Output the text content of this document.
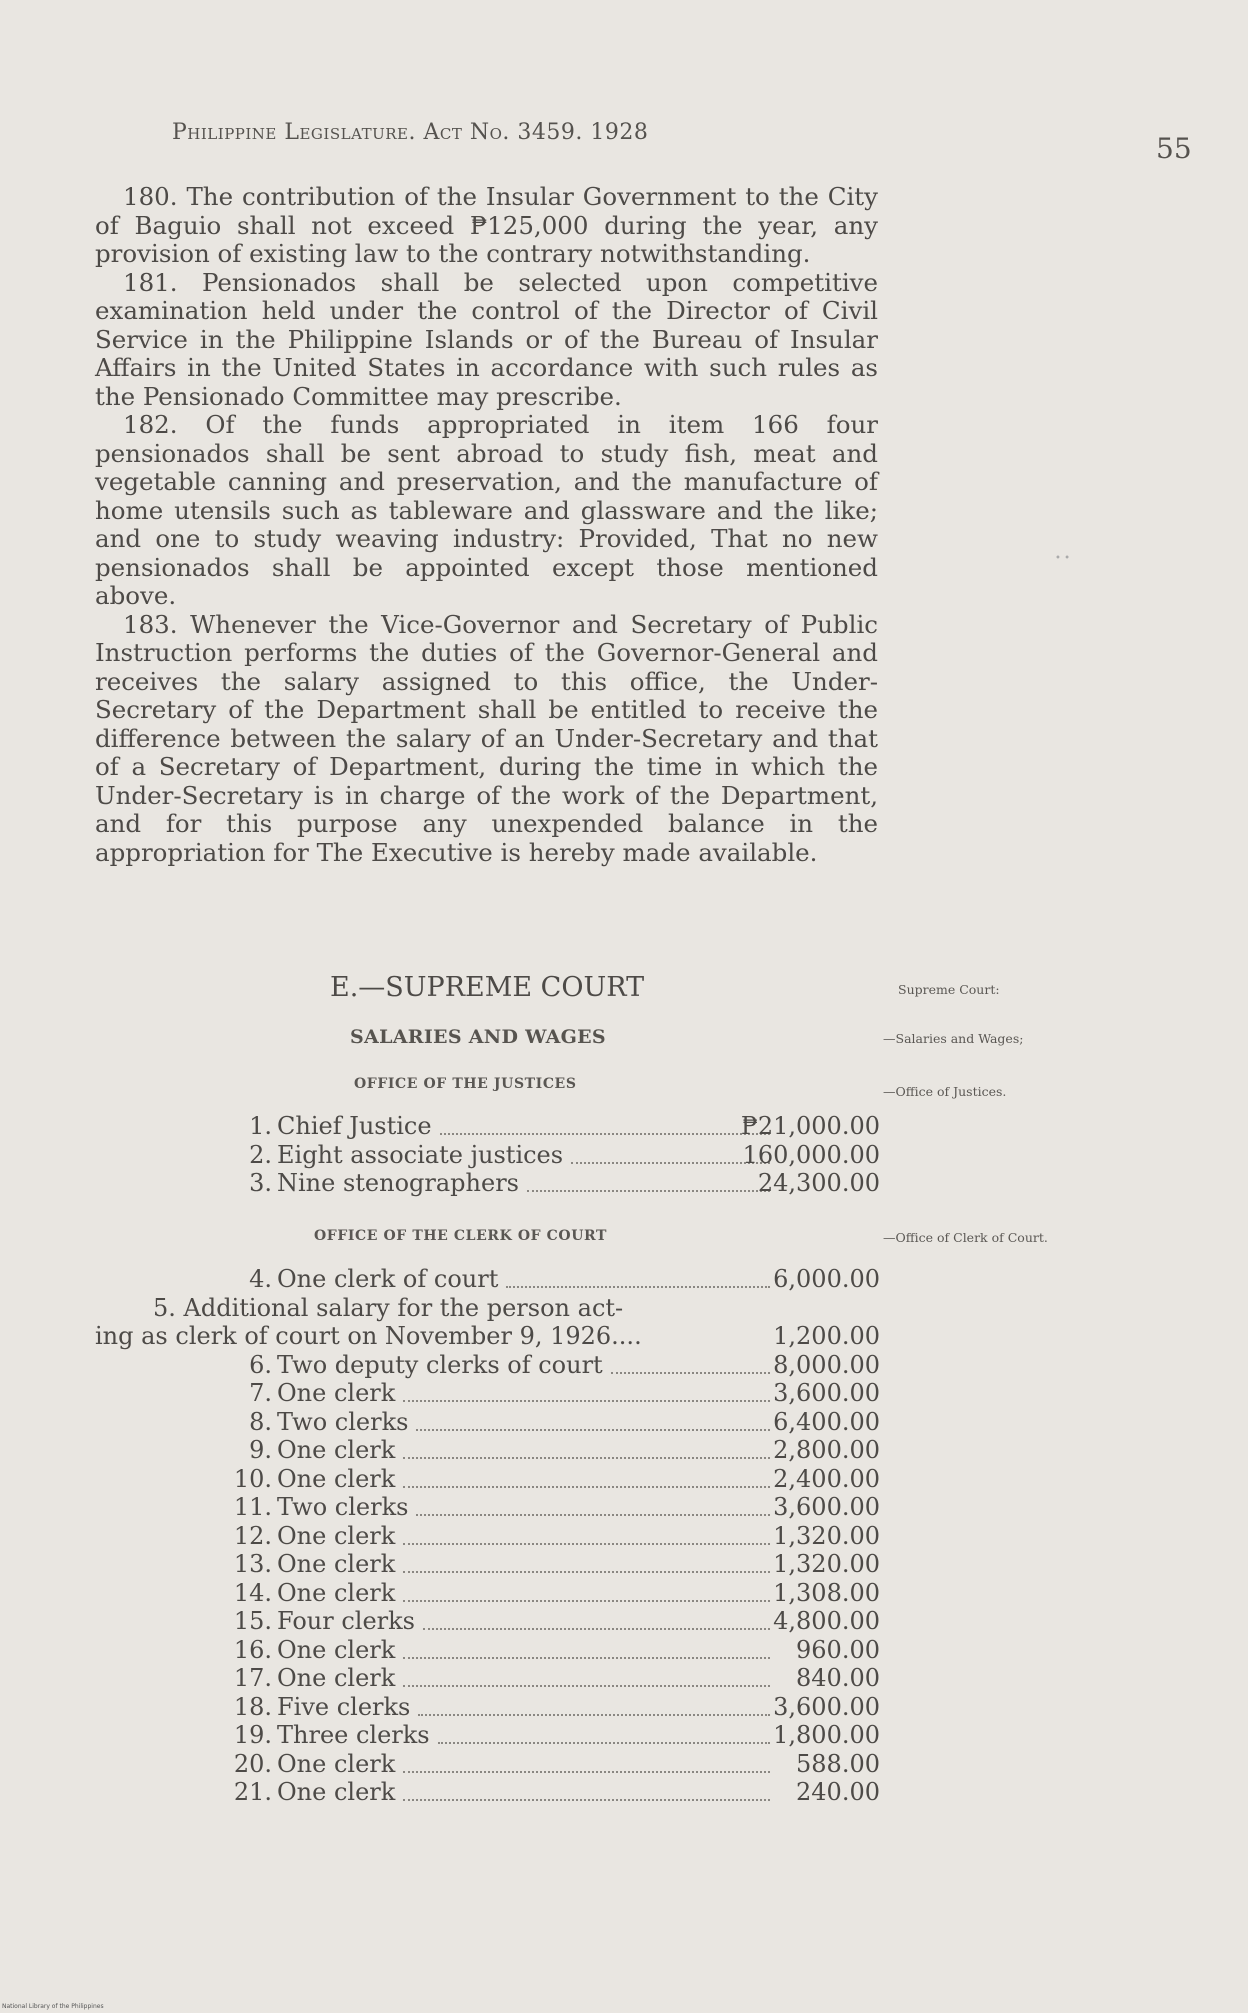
Philippine Legislature. Act No. 3459. 1928	55

180. The contribution of the Insular Government to the City of Baguio shall not exceed ₱125,000 during the year, any provision of existing law to the contrary notwithstanding.

181. Pensionados shall be selected upon competitive examination held under the control of the Director of Civil Service in the Philippine Islands or of the Bureau of Insular Affairs in the United States in accordance with such rules as the Pensionado Committee may prescribe.

182. Of the funds appropriated in item 166 four pensionados shall be sent abroad to study fish, meat and vegetable canning and preservation, and the manufacture of home utensils such as tableware and glassware and the like; and one to study weaving industry: Provided, That no new pensionados shall be appointed except those mentioned above.

183. Whenever the Vice-Governor and Secretary of Public Instruction performs the duties of the Governor-General and receives the salary assigned to this office, the Under-Secretary of the Department shall be entitled to receive the difference between the salary of an Under-Secretary and that of a Secretary of Department, during the time in which the Under-Secretary is in charge of the work of the Department, and for this purpose any unexpended balance in the appropriation for The Executive is hereby made available.

E.—SUPREME COURT
SALARIES AND WAGES
OFFICE OF THE JUSTICES
Supreme Court:
—Salaries and Wages;
—Office of Justices.
—Office of Clerk of Court.
1. Chief Justice	₱21,000.00
2. Eight associate justices	160,000.00
3. Nine stenographers	24,300.00
OFFICE OF THE CLERK OF COURT
4. One clerk of court	6,000.00
5. Additional salary for the person act-
ing as clerk of court on November 9, 1926....	1,200.00
6. Two deputy clerks of court	8,000.00
7. One clerk	3,600.00
8. Two clerks	6,400.00
9. One clerk	2,800.00
10. One clerk	2,400.00
11. Two clerks	3,600.00
12. One clerk	1,320.00
13. One clerk	1,320.00
14. One clerk	1,308.00
15. Four clerks	4,800.00
16. One clerk	960.00
17. One clerk	840.00
18. Five clerks	3,600.00
19. Three clerks	1,800.00
20. One clerk	588.00
21. One clerk	240.00
• •
National Library of the Philippines
